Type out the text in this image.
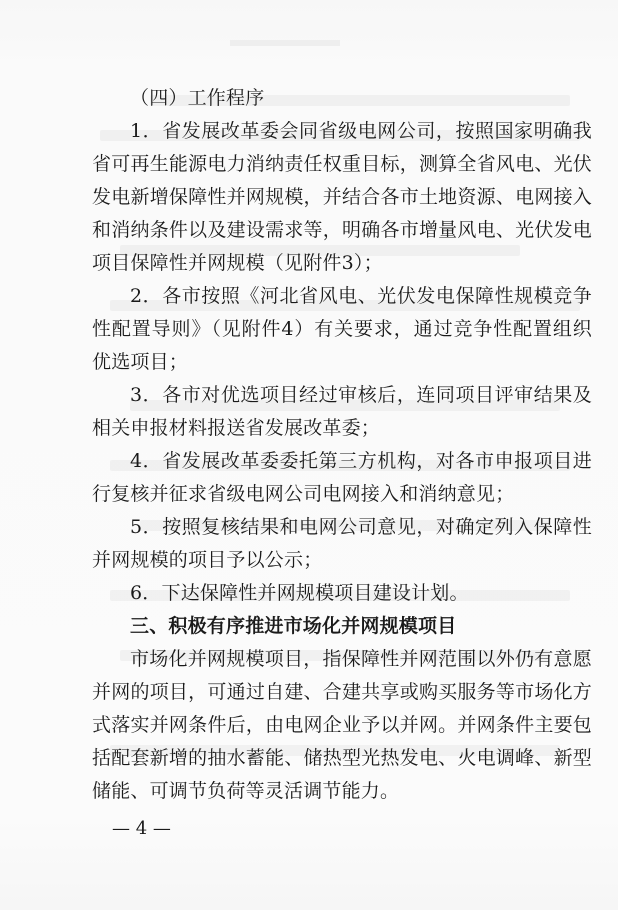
（四）工作程序

1．省发展改革委会同省级电网公司，按照国家明确我省可再生能源电力消纳责任权重目标，测算全省风电、光伏发电新增保障性并网规模，并结合各市土地资源、电网接入和消纳条件以及建设需求等，明确各市增量风电、光伏发电项目保障性并网规模（见附件3）；

2．各市按照《河北省风电、光伏发电保障性规模竞争性配置导则》（见附件4）有关要求，通过竞争性配置组织优选项目；

3．各市对优选项目经过审核后，连同项目评审结果及相关申报材料报送省发展改革委；

4．省发展改革委委托第三方机构，对各市申报项目进行复核并征求省级电网公司电网接入和消纳意见；

5．按照复核结果和电网公司意见，对确定列入保障性并网规模的项目予以公示；

6．下达保障性并网规模项目建设计划。

三、积极有序推进市场化并网规模项目

市场化并网规模项目，指保障性并网范围以外仍有意愿并网的项目，可通过自建、合建共享或购买服务等市场化方式落实并网条件后，由电网企业予以并网。并网条件主要包括配套新增的抽水蓄能、储热型光热发电、火电调峰、新型储能、可调节负荷等灵活调节能力。

— 4 —
